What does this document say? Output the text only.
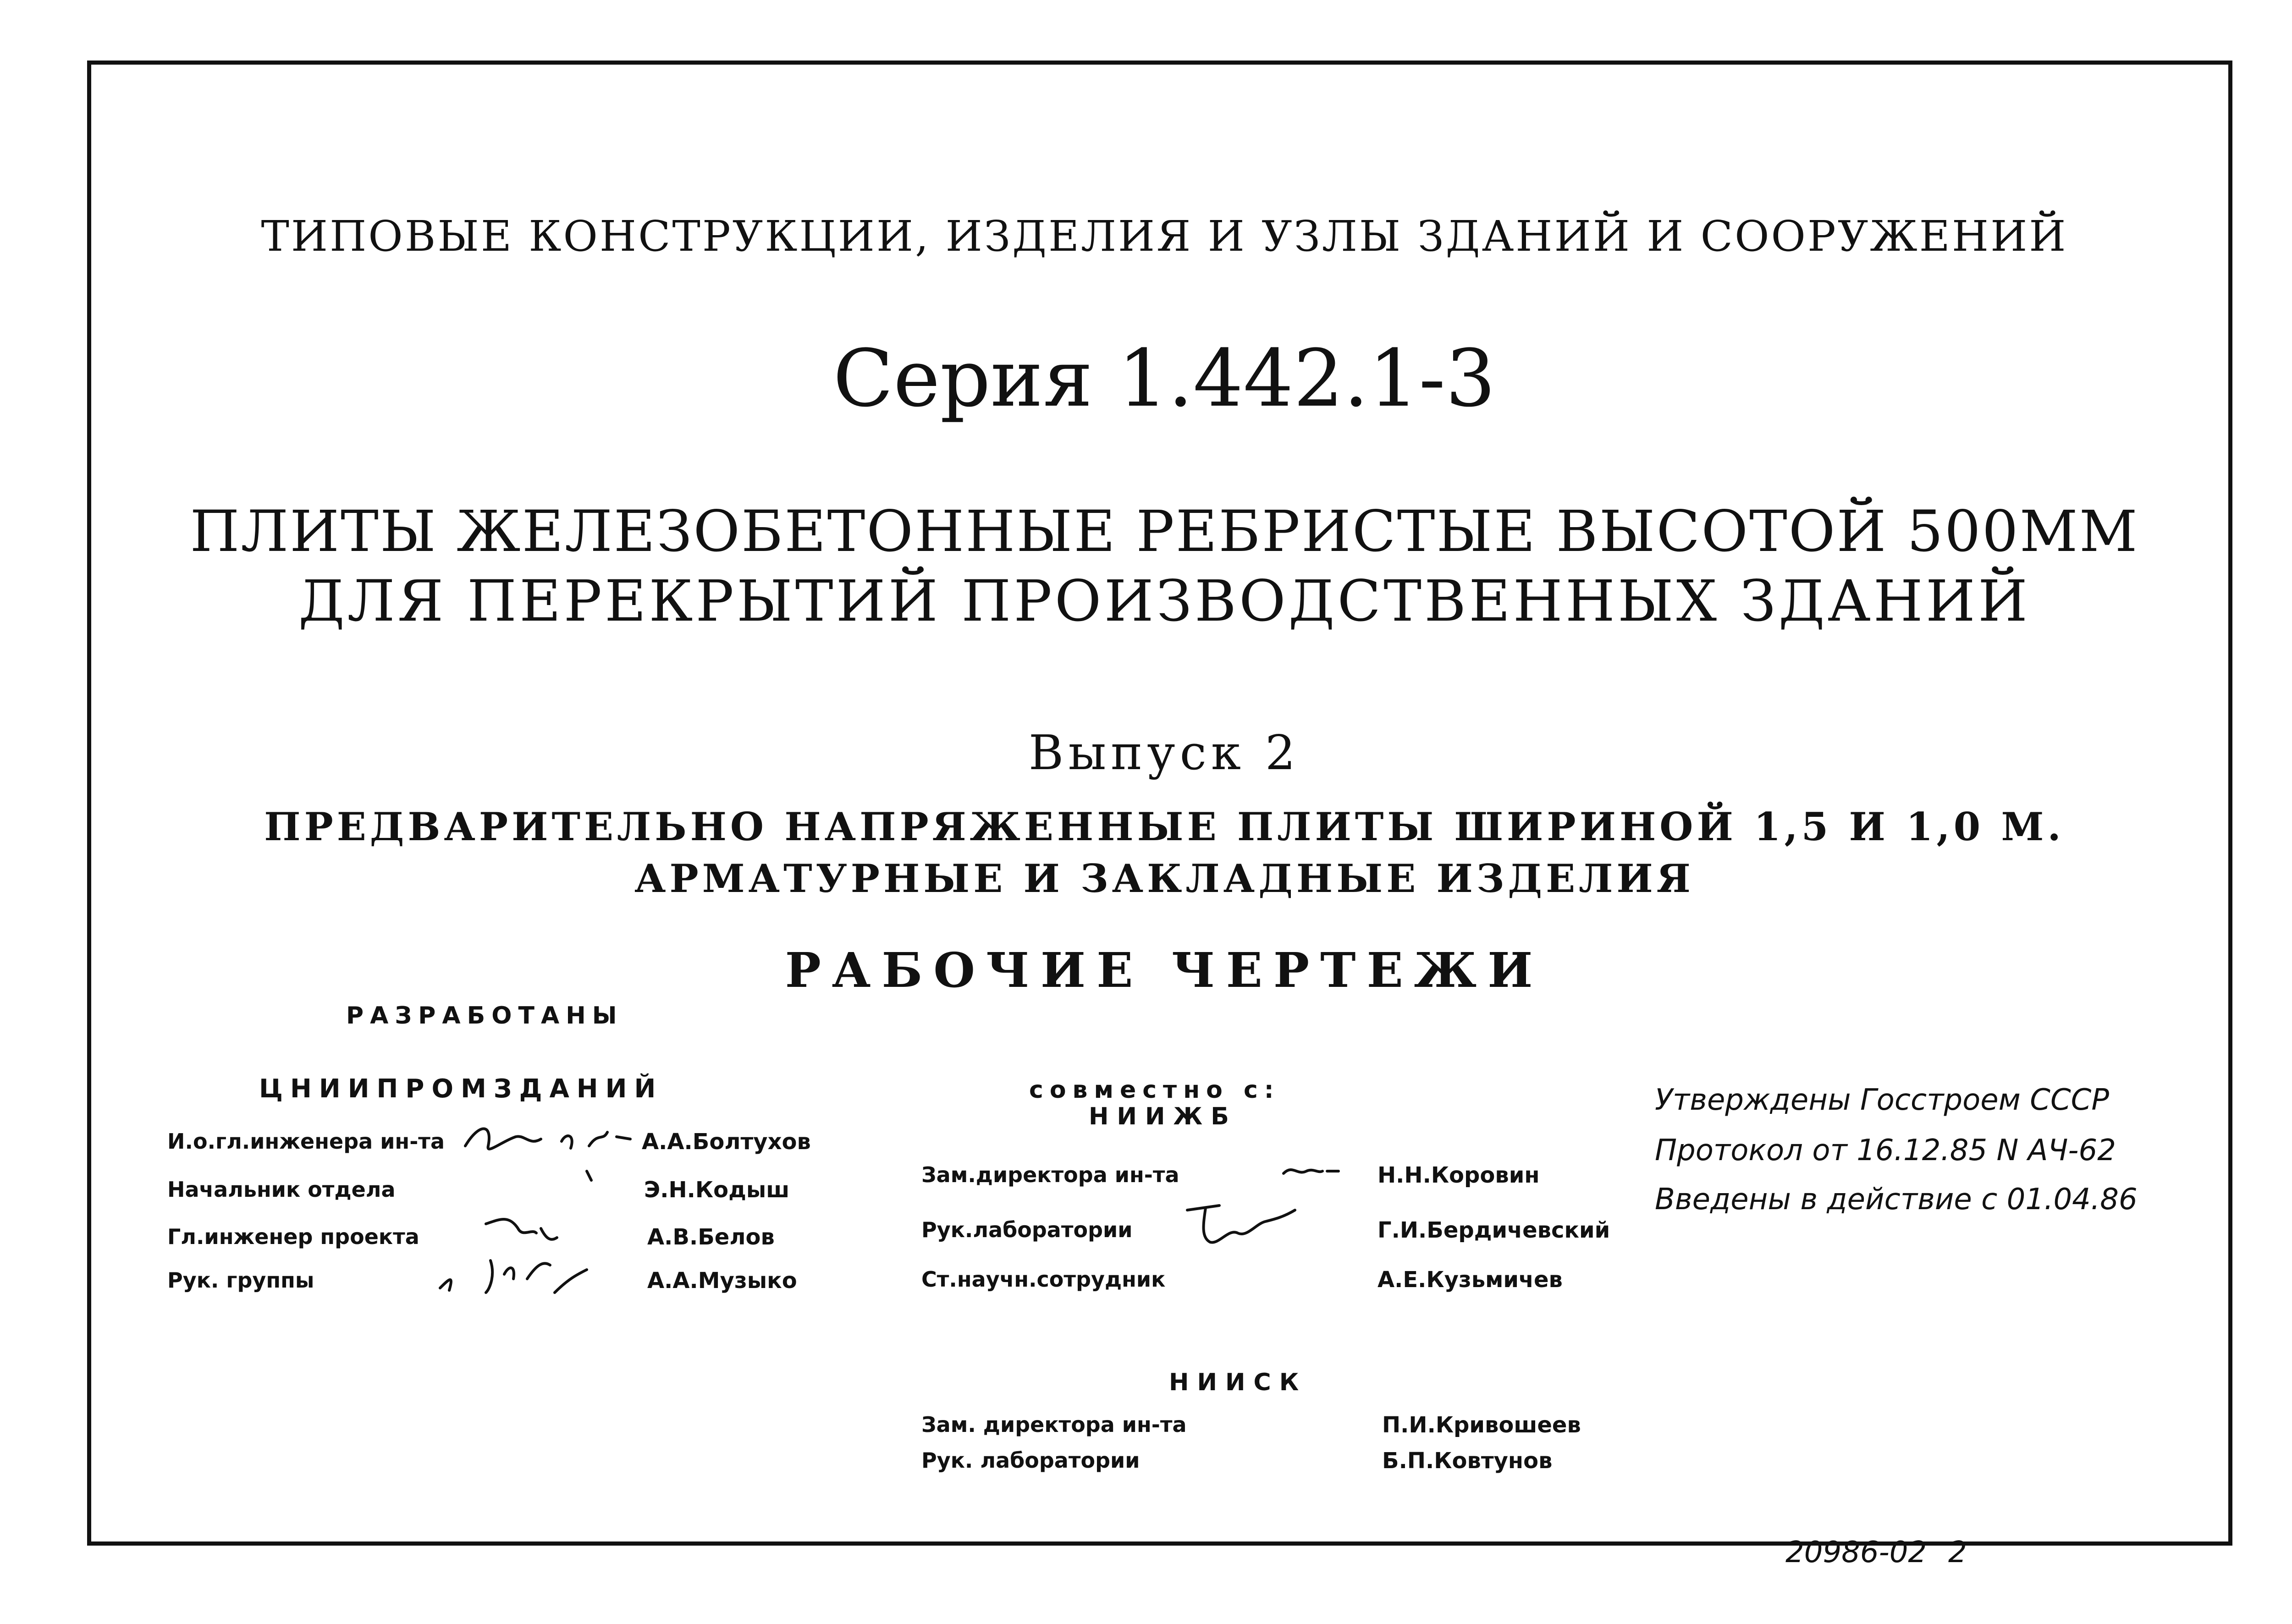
ТИПОВЫЕ КОНСТРУКЦИИ, ИЗДЕЛИЯ И УЗЛЫ ЗДАНИЙ И СООРУЖЕНИЙ
Серия 1.442.1-3
ПЛИТЫ ЖЕЛЕЗОБЕТОННЫЕ РЕБРИСТЫЕ ВЫСОТОЙ 500ММ
ДЛЯ ПЕРЕКРЫТИЙ ПРОИЗВОДСТВЕННЫХ ЗДАНИЙ
Выпуск 2
ПРЕДВАРИТЕЛЬНО НАПРЯЖЕННЫЕ ПЛИТЫ ШИРИНОЙ 1,5 И 1,0 М.
АРМАТУРНЫЕ И ЗАКЛАДНЫЕ ИЗДЕЛИЯ
РАБОЧИЕ ЧЕРТЕЖИ
РАЗРАБОТАНЫ
ЦНИИПРОМЗДАНИЙ
И.о.гл.инженера ин-та	А.А.Болтухов
Начальник отдела	Э.Н.Кодыш
Гл.инженер проекта	А.В.Белов
Рук. группы	А.А.Музыко
совместно с:
НИИЖБ
Зам.директора ин-та	Н.Н.Коровин
Рук.лаборатории	Г.И.Бердичевский
Ст.научн.сотрудник	А.Е.Кузьмичев
НИИСК
Зам. директора ин-та	П.И.Кривошеев
Рук. лаборатории	Б.П.Ковтунов
Утверждены Госстроем СССР
Протокол от 16.12.85 N АЧ-62
Введены в действие с 01.04.86
20986-02 2
